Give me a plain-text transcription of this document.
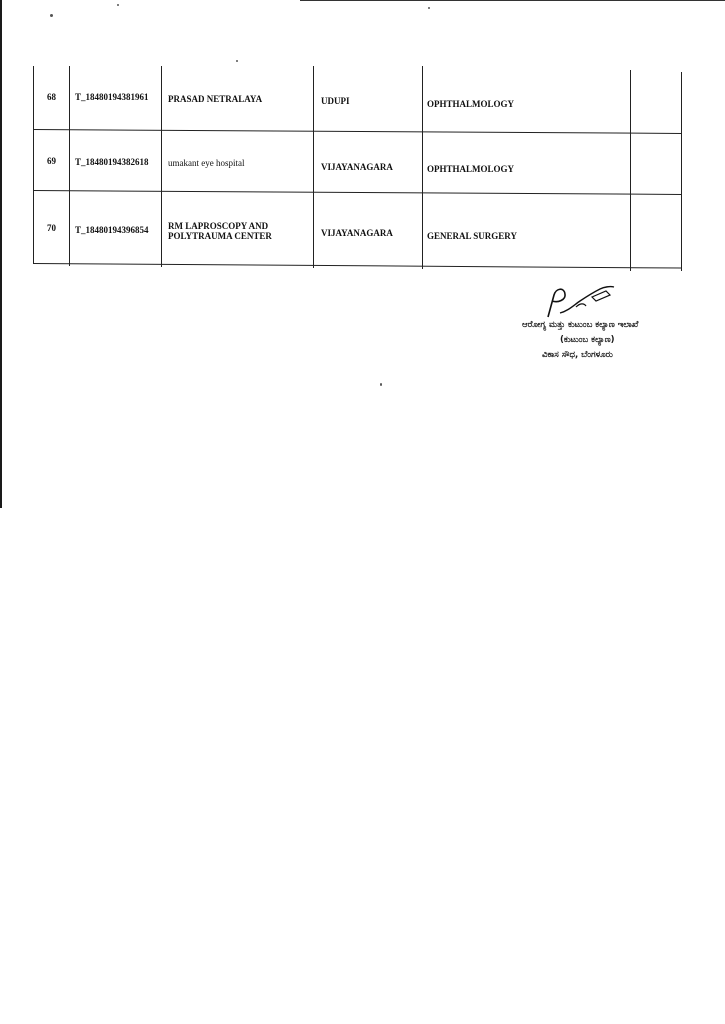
68 T_18480194381961 PRASAD NETRALAYA	UDUPI	OPHTHALMOLOGY
69 T_18480194382618 umakant eye hospital	VIJAYANAGARA	OPHTHALMOLOGY
70 T_18480194396854 RM LAPROSCOPY AND POLYTRAUMA CENTER	VIJAYANAGARA	GENERAL SURGERY
ಆರೋಗ್ಯ ಮತ್ತು ಕುಟುಂಬ ಕಲ್ಯಾಣ ಇಲಾಖೆ
(ಕುಟುಂಬ ಕಲ್ಯಾಣ)
ವಿಕಾಸ ಸೌಧ, ಬೆಂಗಳೂರು
